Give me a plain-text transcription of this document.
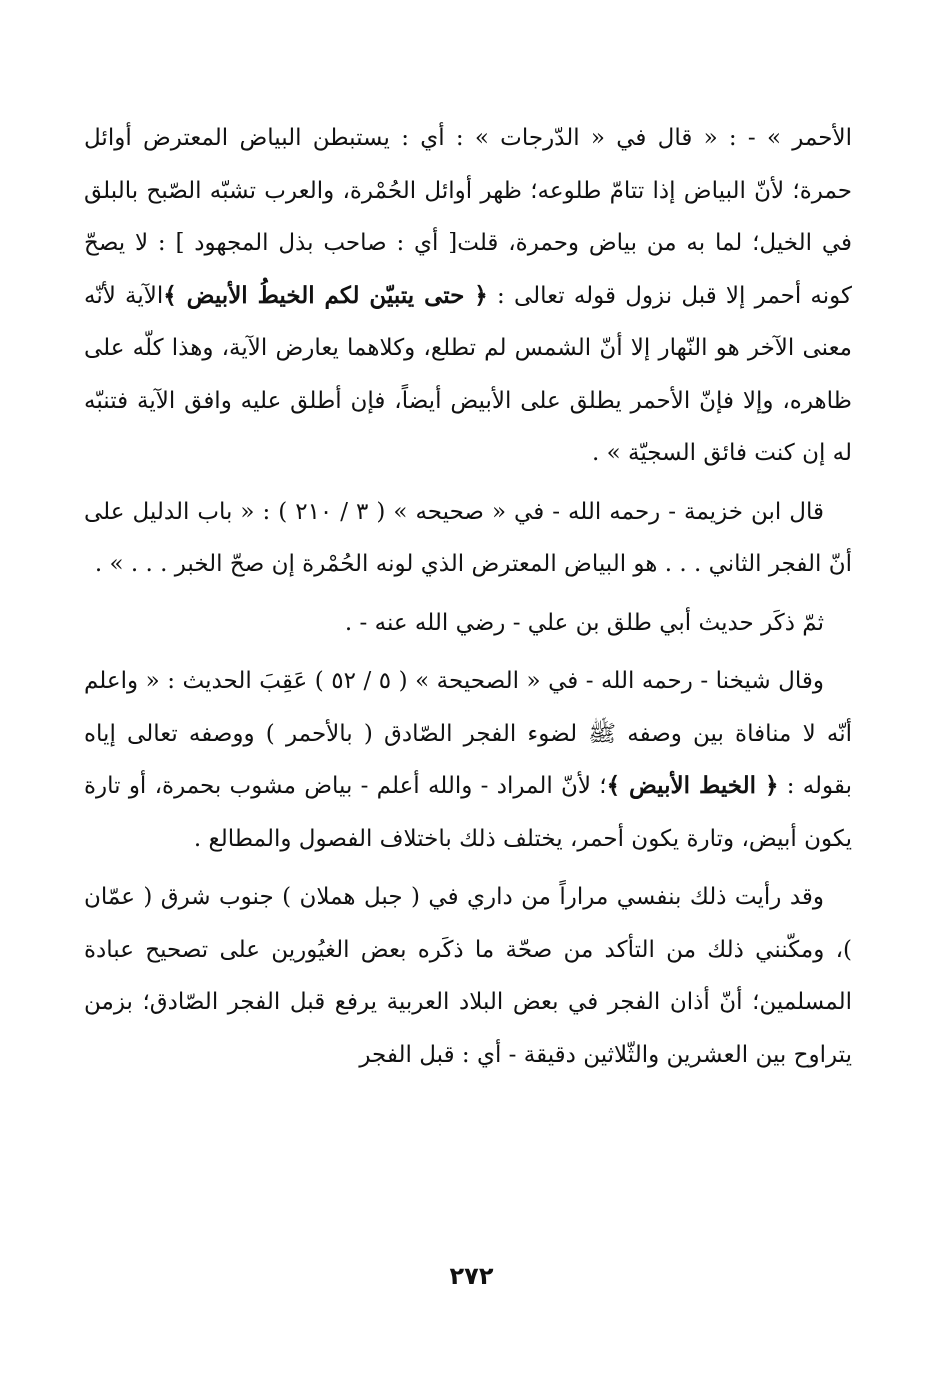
الأحمر » - : « قال في « الدّرجات » : أي : يستبطن البياض المعترض أوائل حمرة؛ لأنّ البياض إذا تتامّ طلوعه؛ ظهر أوائل الحُمْرة، والعرب تشبّه الصّبح بالبلق في الخيل؛ لما به من بياض وحمرة، قلت[ أي : صاحب بذل المجهود ] : لا يصحّ كونه أحمر إلا قبل نزول قوله تعالى : ﴿ حتى يتبيّن لكم الخيطُ الأبيض ﴾الآية لأنّه معنى الآخر هو النّهار إلا أنّ الشمس لم تطلع، وكلاهما يعارض الآية، وهذا كلّه على ظاهره، وإلا فإنّ الأحمر يطلق على الأبيض أيضاً، فإن أطلق عليه وافق الآية فتنبّه له إن كنت فائق السجيّة » .

قال ابن خزيمة - رحمه الله - في « صحيحه » ( ٣ / ٢١٠ ) : « باب الدليل على أنّ الفجر الثاني . . . هو البياض المعترض الذي لونه الحُمْرة إن صحّ الخبر . . . » .

ثمّ ذكَر حديث أبي طلق بن علي - رضي الله عنه - .

وقال شيخنا - رحمه الله - في « الصحيحة » ( ٥ / ٥٢ ) عَقِبَ الحديث : « واعلم أنّه لا منافاة بين وصفه ﷺ لضوء الفجر الصّادق ( بالأحمر ) ووصفه تعالى إياه بقوله : ﴿ الخيط الأبيض ﴾؛ لأنّ المراد - والله أعلم - بياض مشوب بحمرة، أو تارة يكون أبيض، وتارة يكون أحمر، يختلف ذلك باختلاف الفصول والمطالع .

وقد رأيت ذلك بنفسي مراراً من داري في ( جبل هملان ) جنوب شرق ( عمّان )، ومكّنني ذلك من التأكد من صحّة ما ذكَره بعض الغيُورين على تصحيح عبادة المسلمين؛ أنّ أذان الفجر في بعض البلاد العربية يرفع قبل الفجر الصّادق؛ بزمن يتراوح بين العشرين والثّلاثين دقيقة - أي : قبل الفجر

٢٧٢
